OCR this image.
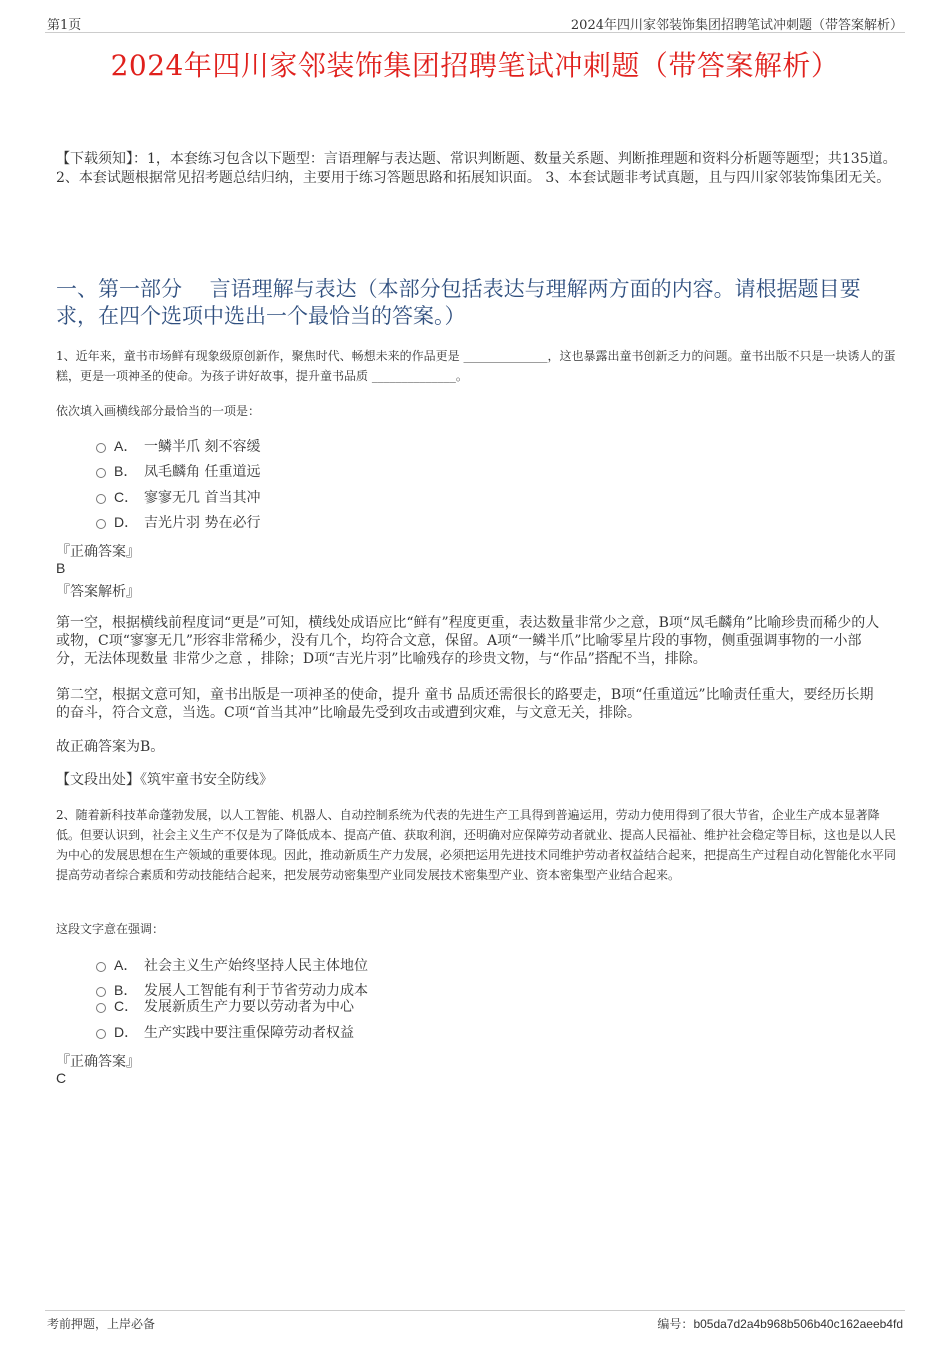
第1页	2024年四川家邻装饰集团招聘笔试冲刺题（带答案解析）
2024年四川家邻装饰集团招聘笔试冲刺题（带答案解析）
【下载须知】：1，本套练习包含以下题型：言语理解与表达题、常识判断题、数量关系题、判断推理题和资料分析题等题型；共135道。 2、本套试题根据常见招考题总结归纳，主要用于练习答题思路和拓展知识面。 3、本套试题非考试真题，且与四川家邻装饰集团无关。
一、第一部分　 言语理解与表达（本部分包括表达与理解两方面的内容。请根据题目要求，在四个选项中选出一个最恰当的答案。）
1、近年来，童书市场鲜有现象级原创新作，聚焦时代、畅想未来的作品更是 ______________，这也暴露出童书创新乏力的问题。童书出版不只是一块诱人的蛋糕，更是一项神圣的使命。为孩子讲好故事，提升童书品质 ______________。
依次填入画横线部分最恰当的一项是：
A． 一鳞半爪 刻不容缓
B． 凤毛麟角 任重道远
C． 寥寥无几 首当其冲
D． 吉光片羽 势在必行
『正确答案』
B
『答案解析』
第一空，根据横线前程度词“更是”可知，横线处成语应比“鲜有”程度更重，表达数量非常少之意，B项“凤毛麟角”比喻珍贵而稀少的人或物，C项“寥寥无几”形容非常稀少，没有几个，均符合文意，保留。A项“一鳞半爪”比喻零星片段的事物，侧重强调事物的一小部分，无法体现数量 非常少之意 ，排除；D项“吉光片羽”比喻残存的珍贵文物，与“作品”搭配不当，排除。
第二空，根据文意可知，童书出版是一项神圣的使命，提升 童书 品质还需很长的路要走，B项“任重道远”比喻责任重大，要经历长期的奋斗，符合文意，当选。C项“首当其冲”比喻最先受到攻击或遭到灾难，与文意无关，排除。
故正确答案为B。
【文段出处】《筑牢童书安全防线》
2、随着新科技革命蓬勃发展，以人工智能、机器人、自动控制系统为代表的先进生产工具得到普遍运用，劳动力使用得到了很大节省，企业生产成本显著降低。但要认识到，社会主义生产不仅是为了降低成本、提高产值、获取利润，还明确对应保障劳动者就业、提高人民福祉、维护社会稳定等目标，这也是以人民为中心的发展思想在生产领域的重要体现。因此，推动新质生产力发展，必须把运用先进技术同维护劳动者权益结合起来，把提高生产过程自动化智能化水平同提高劳动者综合素质和劳动技能结合起来，把发展劳动密集型产业同发展技术密集型产业、资本密集型产业结合起来。
这段文字意在强调：
A． 社会主义生产始终坚持人民主体地位
B． 发展人工智能有利于节省劳动力成本
C． 发展新质生产力要以劳动者为中心
D． 生产实践中要注重保障劳动者权益
『正确答案』
C
考前押题，上岸必备	编号：b05da7d2a4b968b506b40c162aeeb4fd
